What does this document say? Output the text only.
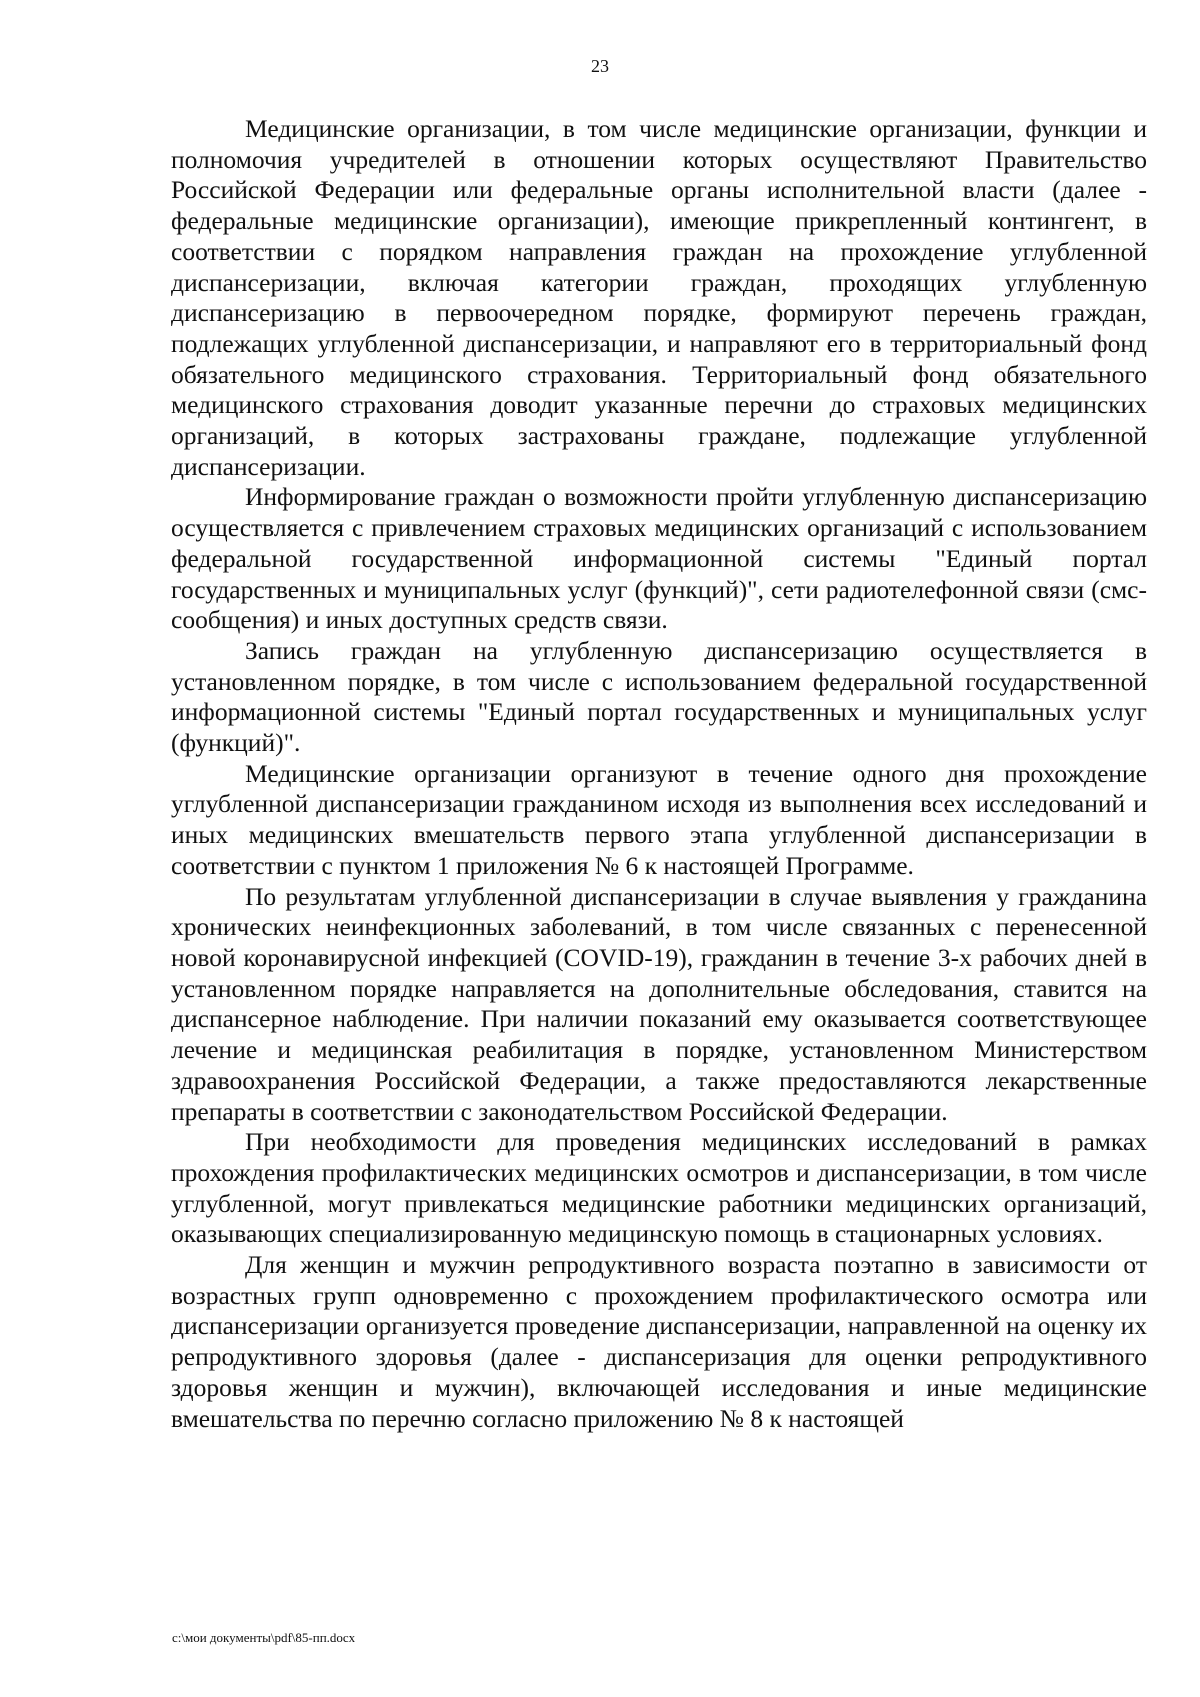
23

Медицинские организации, в том числе медицинские организации, функции и полномочия учредителей в отношении которых осуществляют Правительство Российской Федерации или федеральные органы исполнительной власти (далее - федеральные медицинские организации), имеющие прикрепленный контингент, в соответствии с порядком направления граждан на прохождение углубленной диспансеризации, включая категории граждан, проходящих углубленную диспансеризацию в первоочередном порядке, формируют перечень граждан, подлежащих углубленной диспансеризации, и направляют его в территориальный фонд обязательного медицинского страхования. Территориальный фонд обязательного медицинского страхования доводит указанные перечни до страховых медицинских организаций, в которых застрахованы граждане, подлежащие углубленной диспансеризации.

Информирование граждан о возможности пройти углубленную диспансеризацию осуществляется с привлечением страховых медицинских организаций с использованием федеральной государственной информационной системы "Единый портал государственных и муниципальных услуг (функций)", сети радиотелефонной связи (смс-сообщения) и иных доступных средств связи.

Запись граждан на углубленную диспансеризацию осуществляется в установленном порядке, в том числе с использованием федеральной государственной информационной системы "Единый портал государственных и муниципальных услуг (функций)".

Медицинские организации организуют в течение одного дня прохождение углубленной диспансеризации гражданином исходя из выполнения всех исследований и иных медицинских вмешательств первого этапа углубленной диспансеризации в соответствии с пунктом 1 приложения № 6 к настоящей Программе.

По результатам углубленной диспансеризации в случае выявления у гражданина хронических неинфекционных заболеваний, в том числе связанных с перенесенной новой коронавирусной инфекцией (COVID-19), гражданин в течение 3-х рабочих дней в установленном порядке направляется на дополнительные обследования, ставится на диспансерное наблюдение. При наличии показаний ему оказывается соответствующее лечение и медицинская реабилитация в порядке, установленном Министерством здравоохранения Российской Федерации, а также предоставляются лекарственные препараты в соответствии с законодательством Российской Федерации.

При необходимости для проведения медицинских исследований в рамках прохождения профилактических медицинских осмотров и диспансеризации, в том числе углубленной, могут привлекаться медицинские работники медицинских организаций, оказывающих специализированную медицинскую помощь в стационарных условиях.

Для женщин и мужчин репродуктивного возраста поэтапно в зависимости от возрастных групп одновременно с прохождением профилактического осмотра или диспансеризации организуется проведение диспансеризации, направленной на оценку их репродуктивного здоровья (далее - диспансеризация для оценки репродуктивного здоровья женщин и мужчин), включающей исследования и иные медицинские вмешательства по перечню согласно приложению № 8 к настоящей

c:\мои документы\pdf\85-пп.docx
